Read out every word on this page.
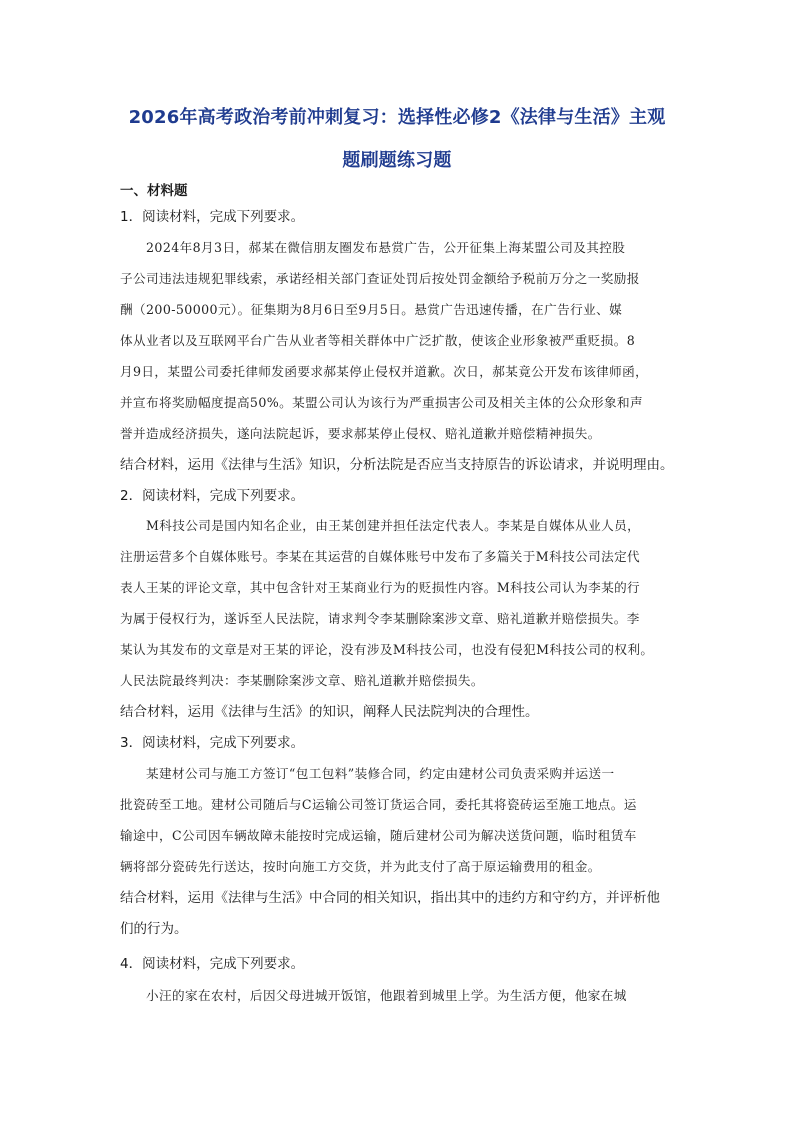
2026年高考政治考前冲刺复习：选择性必修2《法律与生活》主观
题刷题练习题
一、材料题
1．阅读材料，完成下列要求。
2024年8月3日，郝某在微信朋友圈发布悬赏广告，公开征集上海某盟公司及其控股
子公司违法违规犯罪线索，承诺经相关部门查证处罚后按处罚金额给予税前万分之一奖励报
酬（200-50000元）。征集期为8月6日至9月5日。悬赏广告迅速传播，在广告行业、媒
体从业者以及互联网平台广告从业者等相关群体中广泛扩散，使该企业形象被严重贬损。8
月9日，某盟公司委托律师发函要求郝某停止侵权并道歉。次日，郝某竟公开发布该律师函，
并宣布将奖励幅度提高50%。某盟公司认为该行为严重损害公司及相关主体的公众形象和声
誉并造成经济损失，遂向法院起诉，要求郝某停止侵权、赔礼道歉并赔偿精神损失。
结合材料，运用《法律与生活》知识，分析法院是否应当支持原告的诉讼请求，并说明理由。
2．阅读材料，完成下列要求。
M科技公司是国内知名企业，由王某创建并担任法定代表人。李某是自媒体从业人员，
注册运营多个自媒体账号。李某在其运营的自媒体账号中发布了多篇关于M科技公司法定代
表人王某的评论文章，其中包含针对王某商业行为的贬损性内容。M科技公司认为李某的行
为属于侵权行为，遂诉至人民法院，请求判令李某删除案涉文章、赔礼道歉并赔偿损失。李
某认为其发布的文章是对王某的评论，没有涉及M科技公司，也没有侵犯M科技公司的权利。
人民法院最终判决：李某删除案涉文章、赔礼道歉并赔偿损失。
结合材料，运用《法律与生活》的知识，阐释人民法院判决的合理性。
3．阅读材料，完成下列要求。
某建材公司与施工方签订“包工包料”装修合同，约定由建材公司负责采购并运送一
批瓷砖至工地。建材公司随后与C运输公司签订货运合同，委托其将瓷砖运至施工地点。运
输途中，C公司因车辆故障未能按时完成运输，随后建材公司为解决送货问题，临时租赁车
辆将部分瓷砖先行送达，按时向施工方交货，并为此支付了高于原运输费用的租金。
结合材料，运用《法律与生活》中合同的相关知识，指出其中的违约方和守约方，并评析他
们的行为。
4．阅读材料，完成下列要求。
小汪的家在农村，后因父母进城开饭馆，他跟着到城里上学。为生活方便，他家在城
